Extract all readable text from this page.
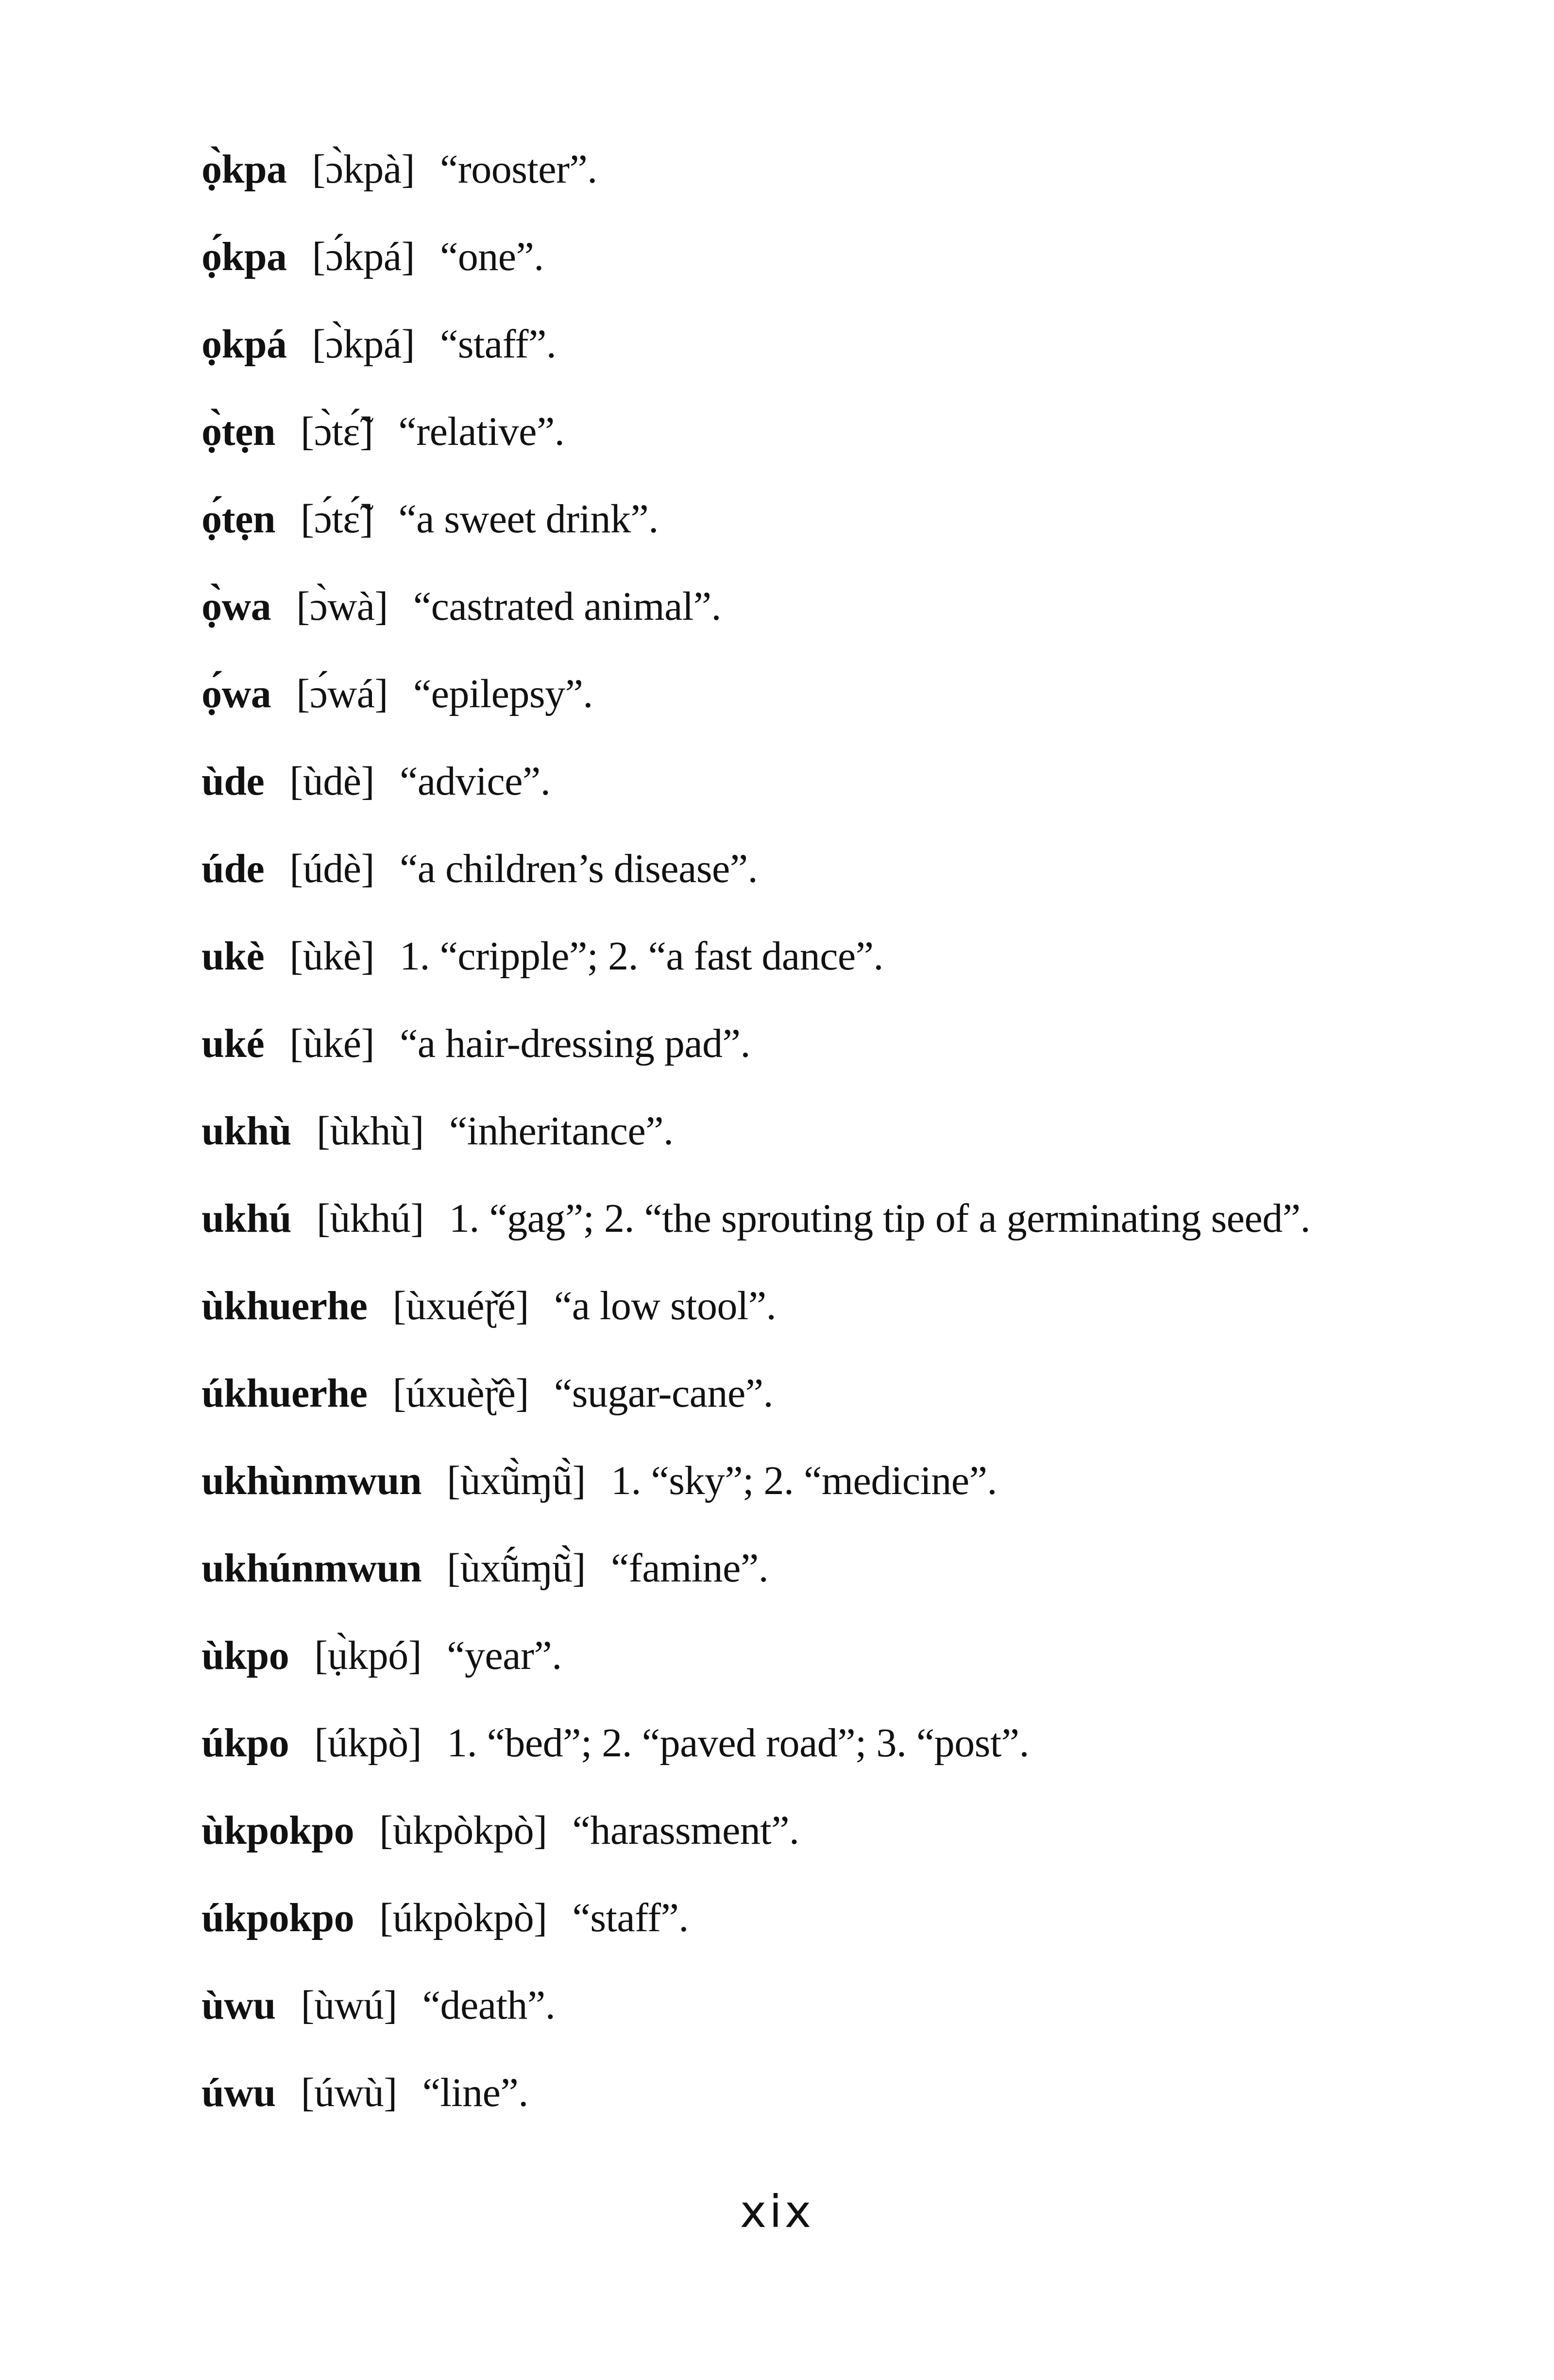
ọ̀kpa [ɔ̀kpà] “rooster”.
ọ́kpa [ɔ́kpá] “one”.
ọkpá [ɔ̀kpá] “staff”.
ọ̀tẹn [ɔ̀tɛ̃́] “relative”.
ọ́tẹn [ɔ́tɛ̃́] “a sweet drink”.
ọ̀wa [ɔ̀wà] “castrated animal”.
ọ́wa [ɔ́wá] “epilepsy”.
ùde [ùdè] “advice”.
úde [údè] “a children’s disease”.
ukè [ùkè] 1. “cripple”; 2. “a fast dance”.
uké [ùké] “a hair-dressing pad”.
ukhù [ùkhù] “inheritance”.
ukhú [ùkhú] 1. “gag”; 2. “the sprouting tip of a germinating seed”.
ùkhuerhe [ùxuéɽ̌é] “a low stool”.
úkhuerhe [úxuèɽ̌è] “sugar-cane”.
ukhùnmwun [ùxũ̀ɱũ̀] 1. “sky”; 2. “medicine”.
ukhúnmwun [ùxṹɱũ̀] “famine”.
ùkpo [ụ̀kpó] “year”.
úkpo [úkpò] 1. “bed”; 2. “paved road”; 3. “post”.
ùkpokpo [ùkpòkpò] “harassment”.
úkpokpo [úkpòkpò] “staff”.
ùwu [ùwú] “death”.
úwu [úwù] “line”.
xix
